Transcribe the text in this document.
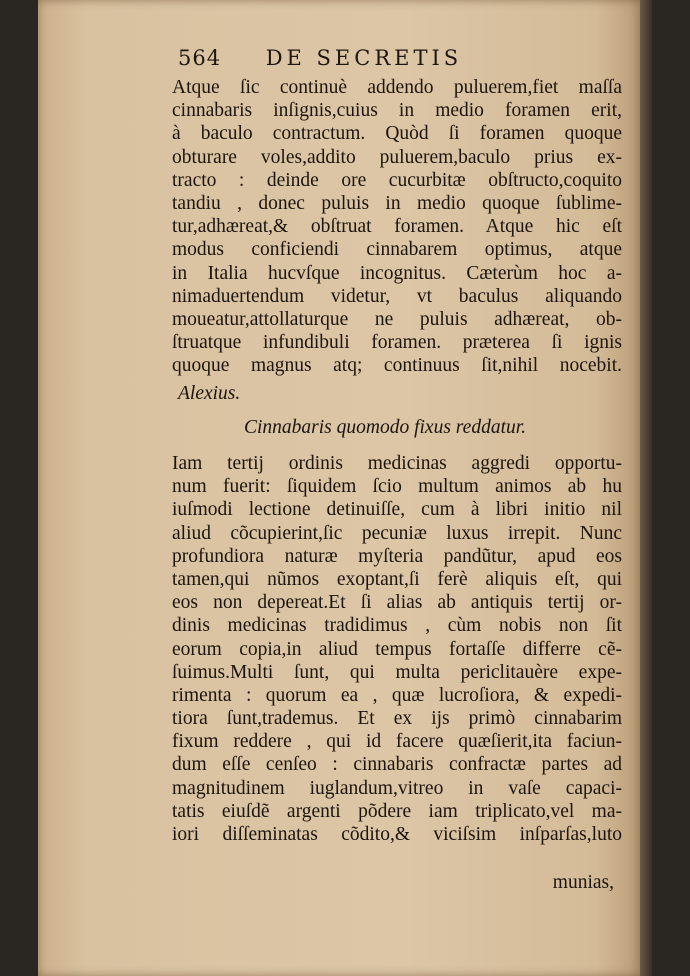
564 DE SECRETIS
Atque ſic continuè addendo puluerem,fiet maſſa
cinnabaris inſignis,cuius in medio foramen erit,
à baculo contractum. Quòd ſi foramen quoque
obturare voles,addito puluerem,baculo prius ex-
tracto : deinde ore cucurbitæ obſtructo,coquito
tandiu , donec puluis in medio quoque ſublime-
tur,adhæreat,& obſtruat foramen. Atque hic eſt
modus conficiendi cinnabarem optimus, atque
in Italia hucvſque incognitus. Cæterùm hoc a-
nimaduertendum videtur, vt baculus aliquando
moueatur,attollaturque ne puluis adhæreat, ob-
ſtruatque infundibuli foramen. præterea ſi ignis
quoque magnus atq; continuus ſit,nihil nocebit.
Alexius.
Cinnabaris quomodo fixus reddatur.
Iam tertij ordinis medicinas aggredi opportu-
num fuerit: ſiquidem ſcio multum animos ab hu
iuſmodi lectione detinuiſſe, cum à libri initio nil
aliud cõcupierint,ſic pecuniæ luxus irrepit. Nunc
profundiora naturæ myſteria pandũtur, apud eos
tamen,qui nũmos exoptant,ſi ferè aliquis eſt, qui
eos non depereat.Et ſi alias ab antiquis tertij or-
dinis medicinas tradidimus , cùm nobis non ſit
eorum copia,in aliud tempus fortaſſe differre cẽ-
ſuimus.Multi ſunt, qui multa periclitauère expe-
rimenta : quorum ea , quæ lucroſiora, & expedi-
tiora ſunt,trademus. Et ex ijs primò cinnabarim
fixum reddere , qui id facere quæſierit,ita faciun-
dum eſſe cenſeo : cinnabaris confractæ partes ad
magnitudinem iuglandum,vitreo in vaſe capaci-
tatis eiuſdẽ argenti põdere iam triplicato,vel ma-
iori diſſeminatas cõdito,& viciſsim inſparſas,luto
munias,
